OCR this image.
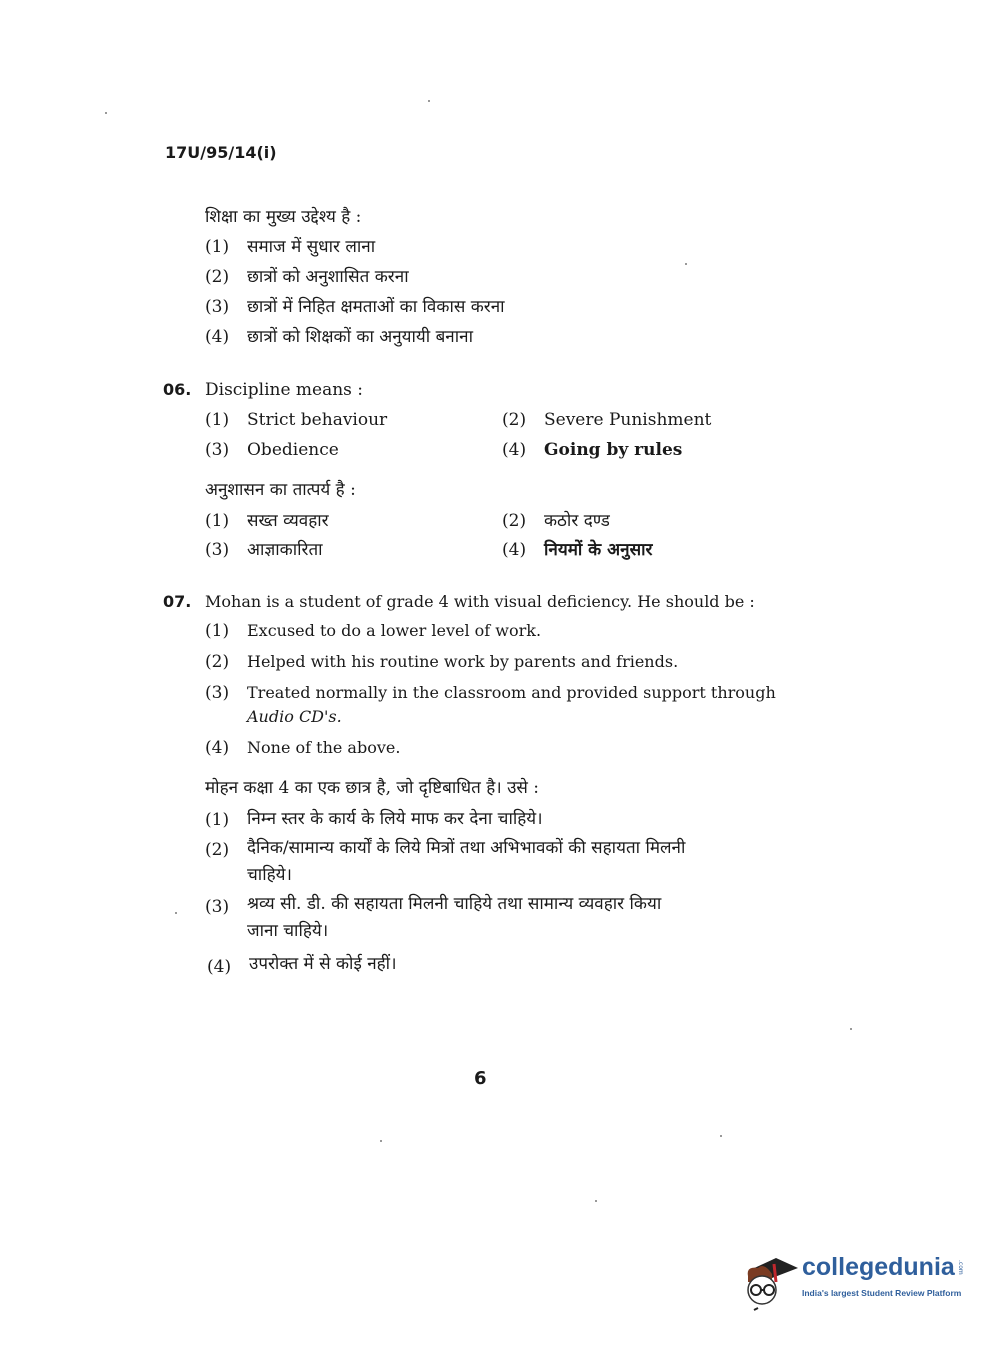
17U/95/14(i)
शिक्षा का मुख्य उद्देश्य है :
(1) समाज में सुधार लाना
(2) छात्रों को अनुशासित करना
(3) छात्रों में निहित क्षमताओं का विकास करना
(4) छात्रों को शिक्षकों का अनुयायी बनाना
06. Discipline means :
(1) Strict behaviour	(2) Severe Punishment
(3) Obedience	(4) Going by rules
अनुशासन का तात्पर्य है :
(1) सख्त व्यवहार	(2) कठोर दण्ड
(3) आज्ञाकारिता	(4) नियमों के अनुसार
07. Mohan is a student of grade 4 with visual deficiency. He should be :
(1) Excused to do a lower level of work.
(2) Helped with his routine work by parents and friends.
(3) Treated normally in the classroom and provided support through
Audio CD's.
(4) None of the above.
मोहन कक्षा 4 का एक छात्र है, जो दृष्टिबाधित है। उसे :
(1) निम्न स्तर के कार्य के लिये माफ कर देना चाहिये।
(2) दैनिक/सामान्य कार्यों के लिये मित्रों तथा अभिभावकों की सहायता मिलनी
चाहिये।
(3) श्रव्य सी. डी. की सहायता मिलनी चाहिये तथा सामान्य व्यवहार किया
जाना चाहिये।
(4) उपरोक्त में से कोई नहीं।
6
collegedunia .com
India's largest Student Review Platform
